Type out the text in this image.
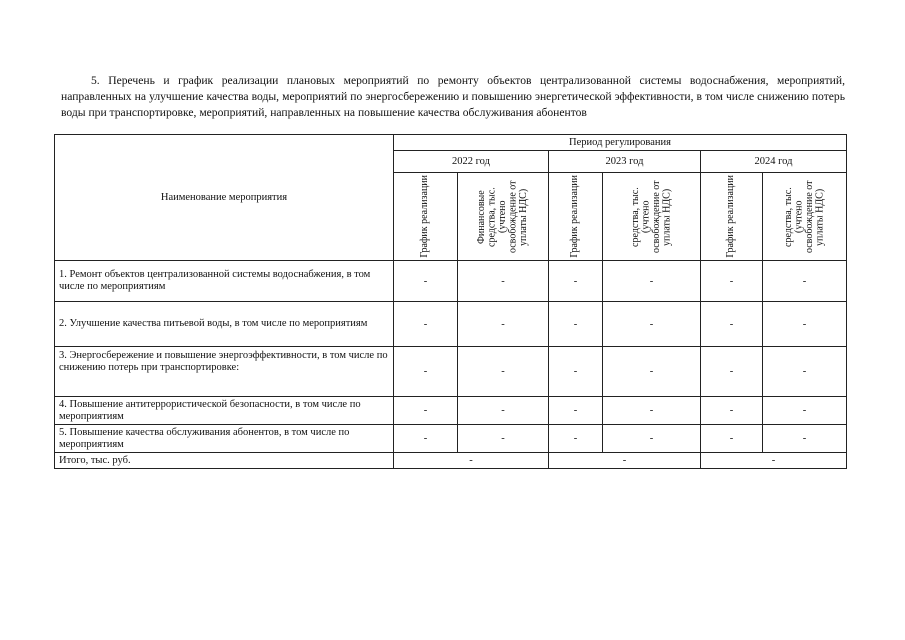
5. Перечень и график реализации плановых мероприятий по ремонту объектов централизованной системы водоснабжения, мероприятий, направленных на улучшение качества воды, мероприятий по энергосбережению и повышению энергетической эффективности, в том числе снижению потерь воды при транспортировке, мероприятий, направленных на повышение качества обслуживания абонентов

Наименование мероприятия	Период регулирования					
	2022 год		2023 год		2024 год	

	График реализации	Финансовые средства, тыс. (учтено освобождение от уплаты НДС)	График реализации	средства, тыс. (учтено освобождение от уплаты НДС)	График реализации	средства, тыс. (учтено освобождение от уплаты НДС)

1. Ремонт объектов централизованной системы водоснабжения, в том числе по мероприятиям	-	-	-	-	-	-
2. Улучшение качества питьевой воды, в том числе по мероприятиям	-	-	-	-	-	-
3. Энергосбережение и повышение энергоэффективности, в том числе по снижению потерь при транспортировке:	-	-	-	-	-	-
4. Повышение антитеррористической безопасности, в том числе по мероприятиям	-	-	-	-	-	-
5. Повышение качества обслуживания абонентов, в том числе по мероприятиям	-	-	-	-	-	-
Итого, тыс. руб.	-		-		-	
